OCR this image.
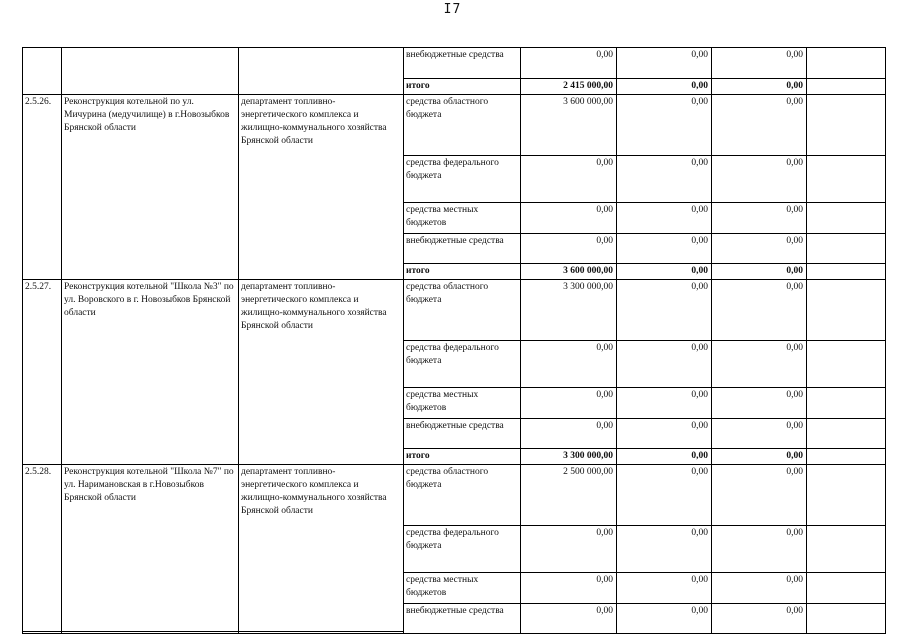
I7
			внебюджетные средства	0,00	0,00	0,00	
			итого	2 415 000,00	0,00	0,00	
2.5.26.	Реконструкция котельной по ул. Мичурина (медучилище) в г.Новозыбков Брянской области	департамент топливно-энергетического комплекса и жилищно-коммунального хозяйства Брянской области	средства областного бюджета	3 600 000,00	0,00	0,00	
			средства федерального бюджета	0,00	0,00	0,00	
			средства местных бюджетов	0,00	0,00	0,00	
			внебюджетные средства	0,00	0,00	0,00	
			итого	3 600 000,00	0,00	0,00	
2.5.27.	Реконструкция котельной "Школа №3" по ул. Воровского в г. Новозыбков Брянской области	департамент топливно-энергетического комплекса и жилищно-коммунального хозяйства Брянской области	средства областного бюджета	3 300 000,00	0,00	0,00	
			средства федерального бюджета	0,00	0,00	0,00	
			средства местных бюджетов	0,00	0,00	0,00	
			внебюджетные средства	0,00	0,00	0,00	
			итого	3 300 000,00	0,00	0,00	
2.5.28.	Реконструкция котельной "Школа №7" по ул. Наримановская в г.Новозыбков Брянской области	департамент топливно-энергетического комплекса и жилищно-коммунального хозяйства Брянской области	средства областного бюджета	2 500 000,00	0,00	0,00	
			средства федерального бюджета	0,00	0,00	0,00	
			средства местных бюджетов	0,00	0,00	0,00	
			внебюджетные средства	0,00	0,00	0,00	
